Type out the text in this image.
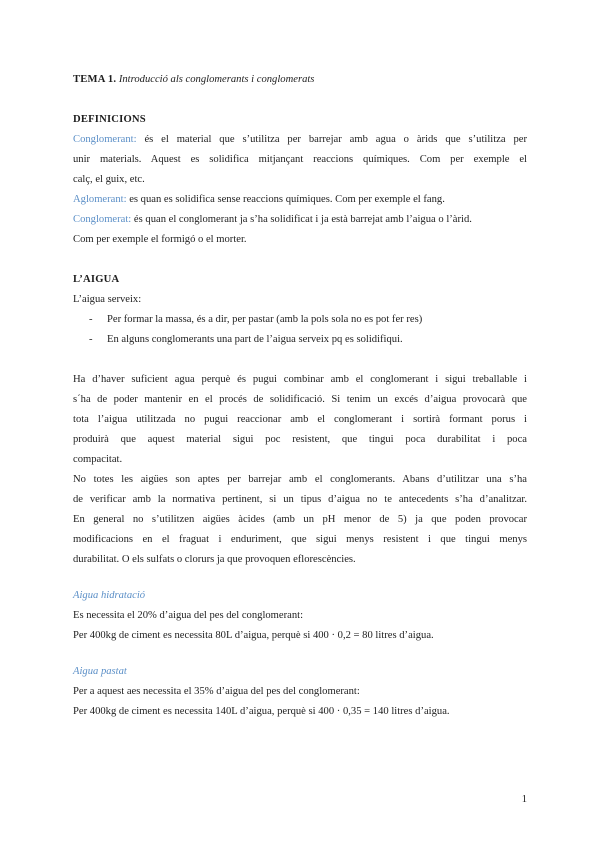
TEMA 1. Introducció als conglomerants i conglomerats
DEFINICIONS
Conglomerant: és el material que s’utilitza per barrejar amb agua o àrids que s’utilitza per
unir materials. Aquest es solidifica mitjançant reaccions químiques. Com per exemple el
calç, el guix, etc.
Aglomerant: es quan es solidifica sense reaccions químiques. Com per exemple el fang.
Conglomerat: és quan el conglomerant ja s’ha solidificat i ja està barrejat amb l’aigua o l’àrid.
Com per exemple el formigó o el morter.
L’AIGUA
L’aigua serveix:
- Per formar la massa, és a dir, per pastar (amb la pols sola no es pot fer res)
- En alguns conglomerants una part de l’aigua serveix pq es solidifiqui.
Ha d’haver suficient agua perquè és pugui combinar amb el conglomerant i sigui treballable i
s´ha de poder mantenir en el procés de solidificació. Si tenim un excés d’aigua provocarà que
tota l’aigua utilitzada no pugui reaccionar amb el conglomerant i sortirà formant porus i
produirà que aquest material sigui poc resistent, que tingui poca durabilitat i poca
compacitat.
No totes les aigües son aptes per barrejar amb el conglomerants. Abans d’utilitzar una s’ha
de verificar amb la normativa pertinent, si un tipus d’aigua no te antecedents s’ha d’analitzar.
En general no s’utilitzen aigües àcides (amb un pH menor de 5) ja que poden provocar
modificacions en el fraguat i enduriment, que sigui menys resistent i que tingui menys
durabilitat. O els sulfats o clorurs ja que provoquen eflorescències.
Aigua hidratació
Es necessita el 20% d’aigua del pes del conglomerant:
Per 400kg de ciment es necessita 80L d’aigua, perquè si 400 · 0,2 = 80 litres d’aigua.
Aigua pastat
Per a aquest aes necessita el 35% d’aigua del pes del conglomerant:
Per 400kg de ciment es necessita 140L d’aigua, perquè si 400 · 0,35 = 140 litres d’aigua.
1
